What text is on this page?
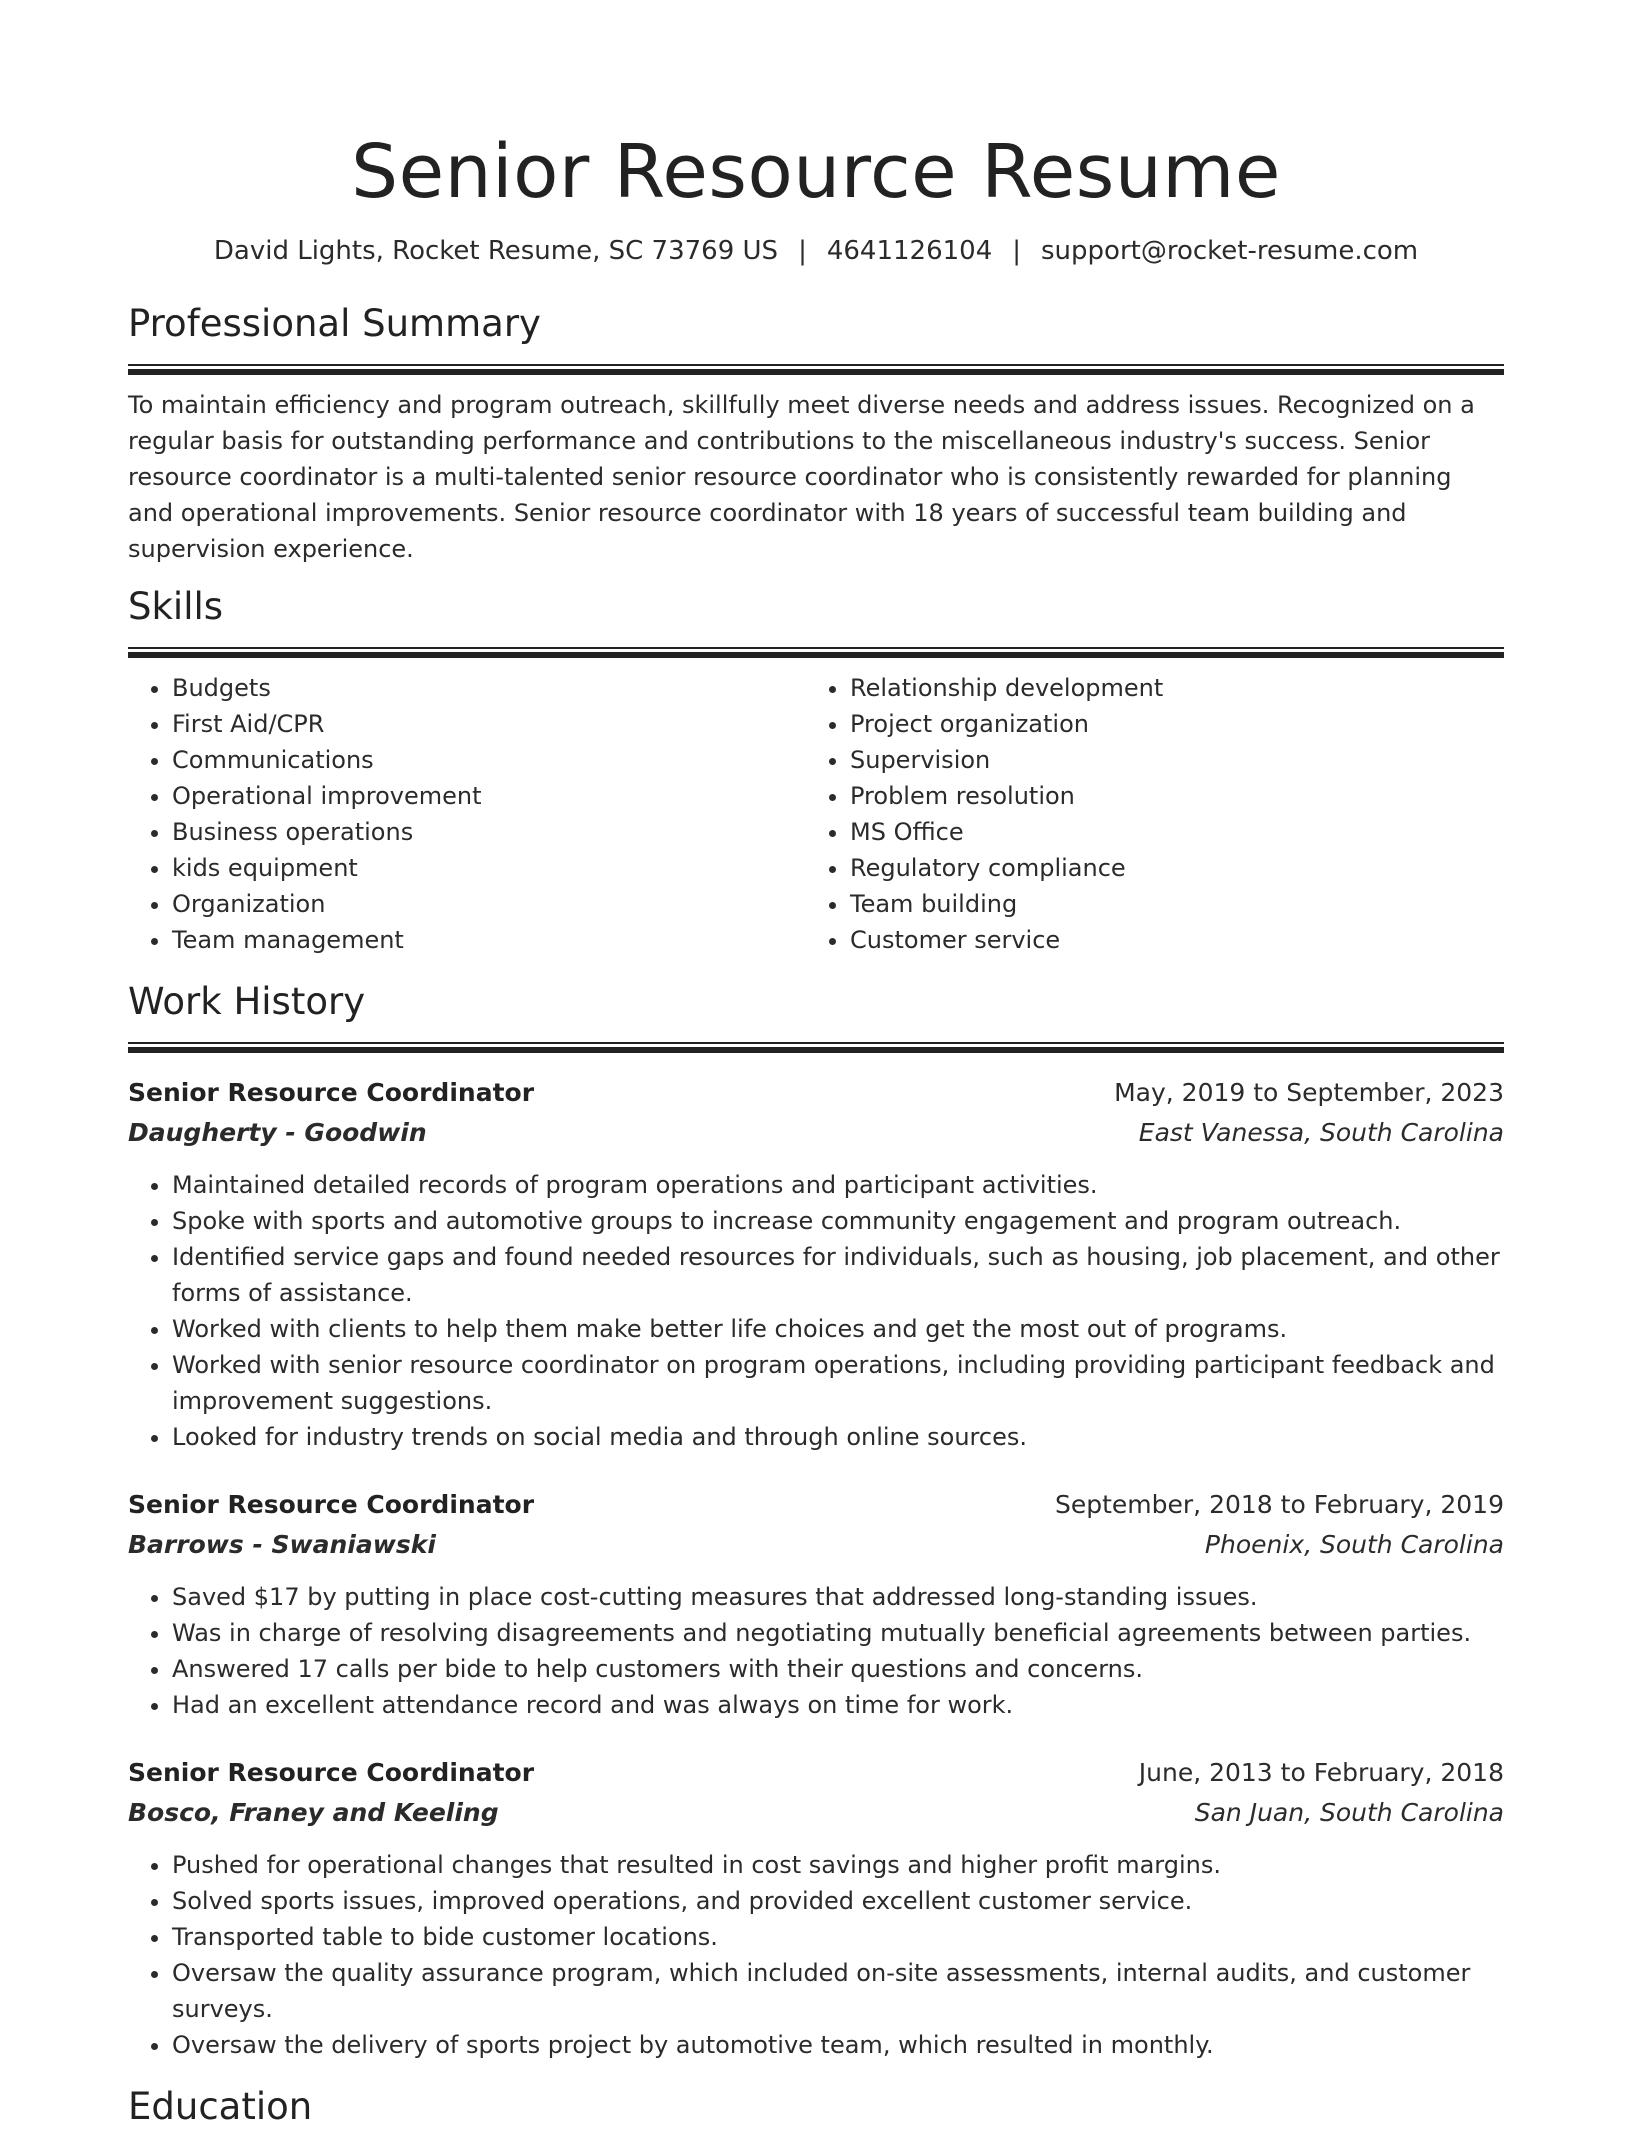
Senior Resource Resume
David Lights, Rocket Resume, SC 73769 US | 4641126104 | support@rocket-resume.com
Professional Summary

To maintain efficiency and program outreach, skillfully meet diverse needs and address issues. Recognized on a regular basis for outstanding performance and contributions to the miscellaneous industry's success. Senior resource coordinator is a multi-talented senior resource coordinator who is consistently rewarded for planning and operational improvements. Senior resource coordinator with 18 years of successful team building and supervision experience.

Skills
• Budgets
• First Aid/CPR
• Communications
• Operational improvement
• Business operations
• kids equipment
• Organization
• Team management
• Relationship development
• Project organization
• Supervision
• Problem resolution
• MS Office
• Regulatory compliance
• Team building
• Customer service
Work History
Senior Resource Coordinator	May, 2019 to September, 2023
Daugherty - Goodwin	East Vanessa, South Carolina
• Maintained detailed records of program operations and participant activities.
• Spoke with sports and automotive groups to increase community engagement and program outreach.
• Identified service gaps and found needed resources for individuals, such as housing, job placement, and other forms of assistance.
• Worked with clients to help them make better life choices and get the most out of programs.
• Worked with senior resource coordinator on program operations, including providing participant feedback and improvement suggestions.
• Looked for industry trends on social media and through online sources.
Senior Resource Coordinator	September, 2018 to February, 2019
Barrows - Swaniawski	Phoenix, South Carolina
• Saved $17 by putting in place cost-cutting measures that addressed long-standing issues.
• Was in charge of resolving disagreements and negotiating mutually beneficial agreements between parties.
• Answered 17 calls per bide to help customers with their questions and concerns.
• Had an excellent attendance record and was always on time for work.
Senior Resource Coordinator	June, 2013 to February, 2018
Bosco, Franey and Keeling	San Juan, South Carolina
• Pushed for operational changes that resulted in cost savings and higher profit margins.
• Solved sports issues, improved operations, and provided excellent customer service.
• Transported table to bide customer locations.
• Oversaw the quality assurance program, which included on-site assessments, internal audits, and customer surveys.
• Oversaw the delivery of sports project by automotive team, which resulted in monthly.
Education
